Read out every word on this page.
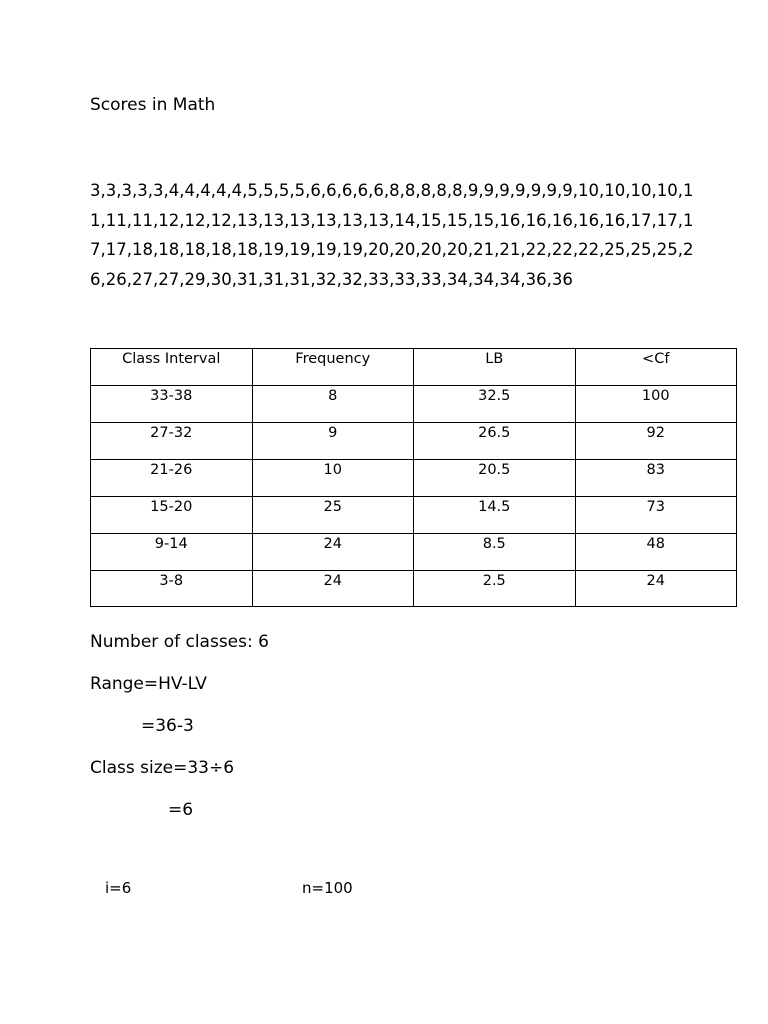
Scores in Math
3,3,3,3,3,4,4,4,4,4,5,5,5,5,6,6,6,6,6,8,8,8,8,8,9,9,9,9,9,9,9,10,10,10,10,1
1,11,11,12,12,12,13,13,13,13,13,13,14,15,15,15,16,16,16,16,16,17,17,1
7,17,18,18,18,18,18,19,19,19,19,20,20,20,20,21,21,22,22,22,25,25,25,2
6,26,27,27,29,30,31,31,31,32,32,33,33,33,34,34,34,36,36
Class Interval	Frequency	LB	<Cf
33-38	8	32.5	100
27-32	9	26.5	92
21-26	10	20.5	83
15-20	25	14.5	73
9-14	24	8.5	48
3-8	24	2.5	24
Number of classes: 6
Range=HV-LV
=36-3
Class size=33÷6
=6
i=6	n=100
